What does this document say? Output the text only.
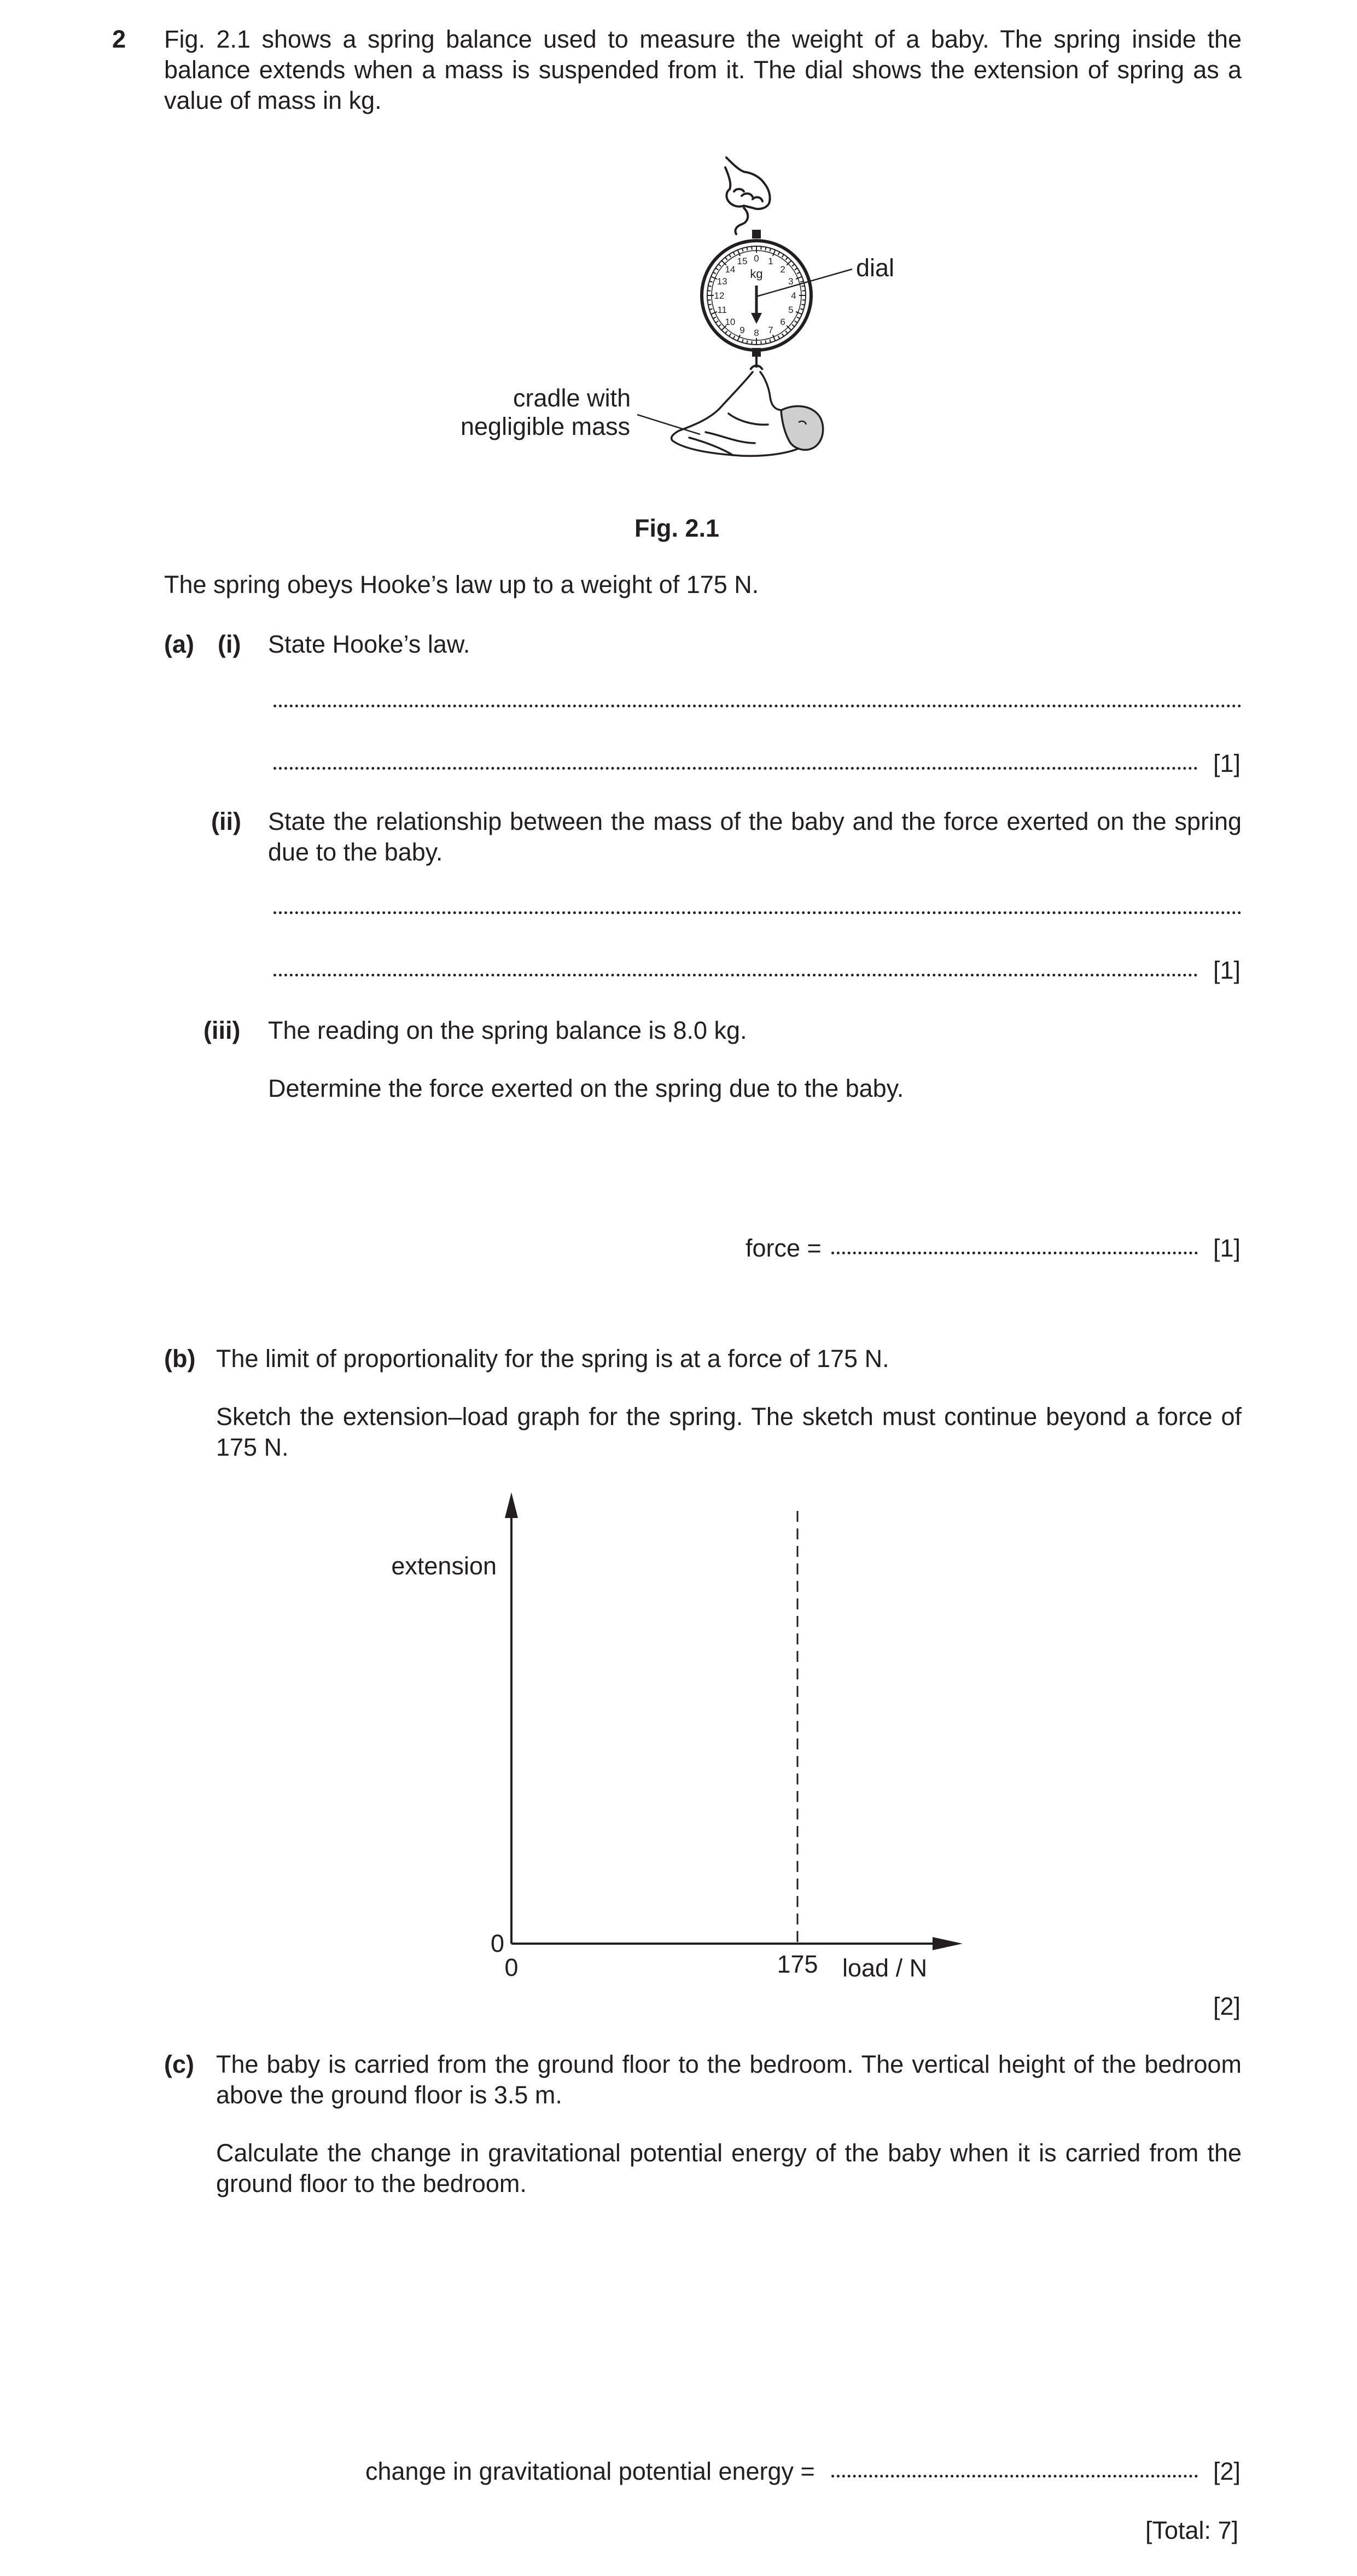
2 Fig. 2.1 shows a spring balance used to measure the weight of a baby. The spring inside the balance extends when a mass is suspended from it. The dial shows the extension of spring as a value of mass in kg.
0 1
2
3
4
5
6
7
8
9
10
11
12
13
14
15
kg	dial
cradle with
negligible mass
Fig. 2.1
The spring obeys Hooke’s law up to a weight of 175 N.
(a) (i) State Hooke’s law.
[1]
(ii) State the relationship between the mass of the baby and the force exerted on the spring due to the baby.
[1]
(iii) The reading on the spring balance is 8.0 kg.
Determine the force exerted on the spring due to the baby.
force =	[1]
(b) The limit of proportionality for the spring is at a force of 175 N.
Sketch the extension–load graph for the spring. The sketch must continue beyond a force of 175 N.
extension
load / N
0
0	175
[2]
(c) The baby is carried from the ground floor to the bedroom. The vertical height of the bedroom above the ground floor is 3.5 m.
Calculate the change in gravitational potential energy of the baby when it is carried from the ground floor to the bedroom.
change in gravitational potential energy =	[2]
[Total: 7]
